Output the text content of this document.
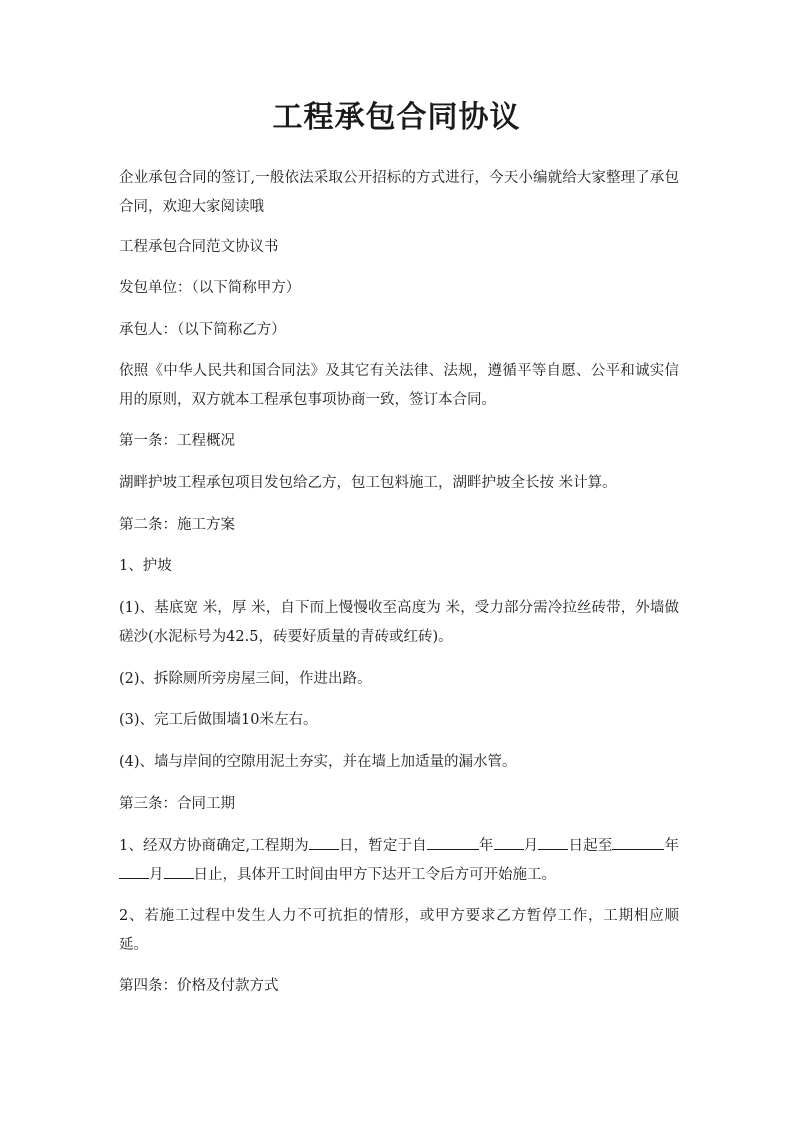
工程承包合同协议
企业承包合同的签订,一般依法采取公开招标的方式进行，今天小编就给大家整理了承包合同，欢迎大家阅读哦
工程承包合同范文协议书
发包单位：（以下简称甲方）
承包人：（以下简称乙方）
依照《中华人民共和国合同法》及其它有关法律、法规，遵循平等自愿、公平和诚实信用的原则，双方就本工程承包事项协商一致，签订本合同。
第一条：工程概况
湖畔护坡工程承包项目发包给乙方，包工包料施工，湖畔护坡全长按 米计算。
第二条：施工方案
1、护坡
(1)、基底宽 米，厚 米，自下而上慢慢收至高度为 米，受力部分需冷拉丝砖带，外墙做磋沙(水泥标号为42.5，砖要好质量的青砖或红砖)。
(2)、拆除厕所旁房屋三间，作进出路。
(3)、完工后做围墙10米左右。
(4)、墙与岸间的空隙用泥土夯实，并在墙上加适量的漏水管。
第三条：合同工期
1、经双方协商确定,工程期为 日，暂定于自	年 月 日起至	年月 日止，具体开工时间由甲方下达开工令后方可开始施工。
2、若施工过程中发生人力不可抗拒的情形，或甲方要求乙方暂停工作，工期相应顺延。
第四条：价格及付款方式
